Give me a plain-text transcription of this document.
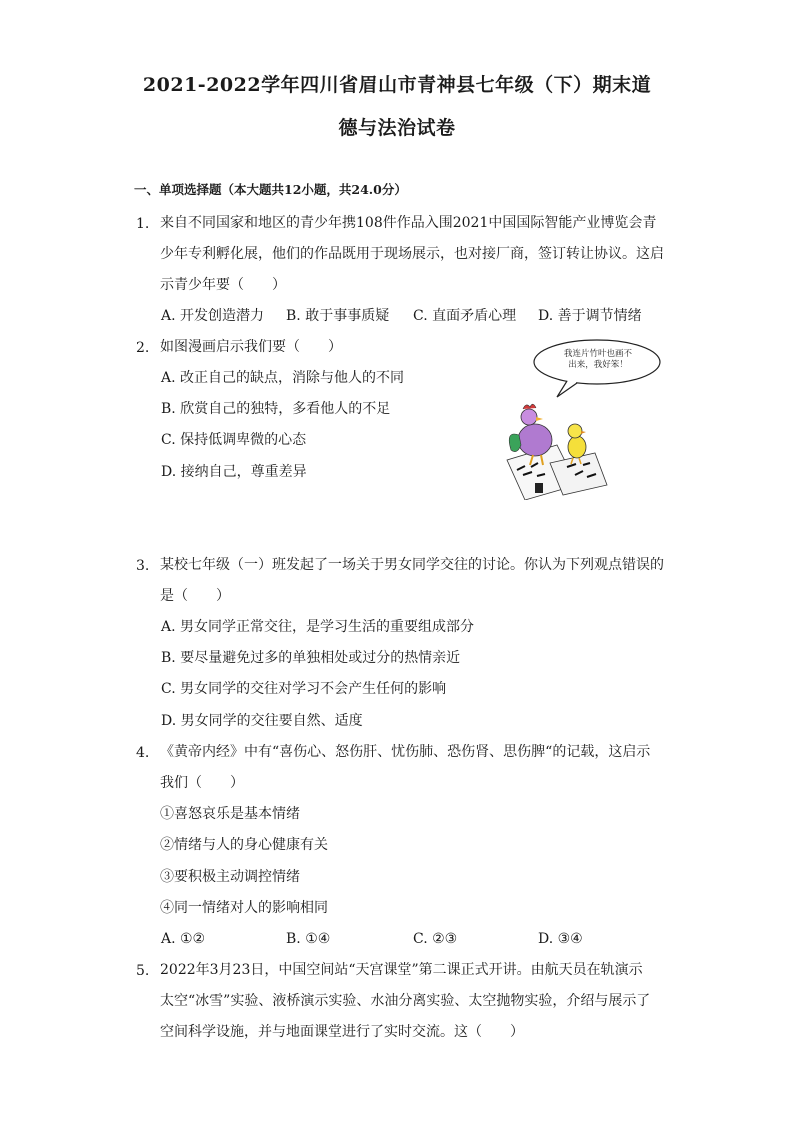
2021-2022学年四川省眉山市青神县七年级（下）期末道
德与法治试卷
一、单项选择题（本大题共12小题，共24.0分）
1. 来自不同国家和地区的青少年携108件作品入围2021中国国际智能产业博览会青
少年专利孵化展，他们的作品既用于现场展示，也对接厂商，签订转让协议。这启
示青少年要（　　）
A. 开发创造潜力 B. 敢于事事质疑 C. 直面矛盾心理 D. 善于调节情绪
2. 如图漫画启示我们要（　　）
A. 改正自己的缺点，消除与他人的不同
B. 欣赏自己的独特，多看他人的不足
C. 保持低调卑微的心态
D. 接纳自己，尊重差异
我连片竹叶也画不
出来，我好笨！
3. 某校七年级（一）班发起了一场关于男女同学交往的讨论。你认为下列观点错误的
是（　　）
A. 男女同学正常交往，是学习生活的重要组成部分
B. 要尽量避免过多的单独相处或过分的热情亲近
C. 男女同学的交往对学习不会产生任何的影响
D. 男女同学的交往要自然、适度
4. 《黄帝内经》中有“喜伤心、怒伤肝、忧伤肺、恐伤肾、思伤脾“的记载，这启示
我们（　　）
①喜怒哀乐是基本情绪
②情绪与人的身心健康有关
③要积极主动调控情绪
④同一情绪对人的影响相同
A. ①②	B. ①④	C. ②③	D. ③④
5. 2022年3月23日，中国空间站“天宫课堂”第二课正式开讲。由航天员在轨演示
太空“冰雪”实验、液桥演示实验、水油分离实验、太空抛物实验，介绍与展示了
空间科学设施，并与地面课堂进行了实时交流。这（　　）
